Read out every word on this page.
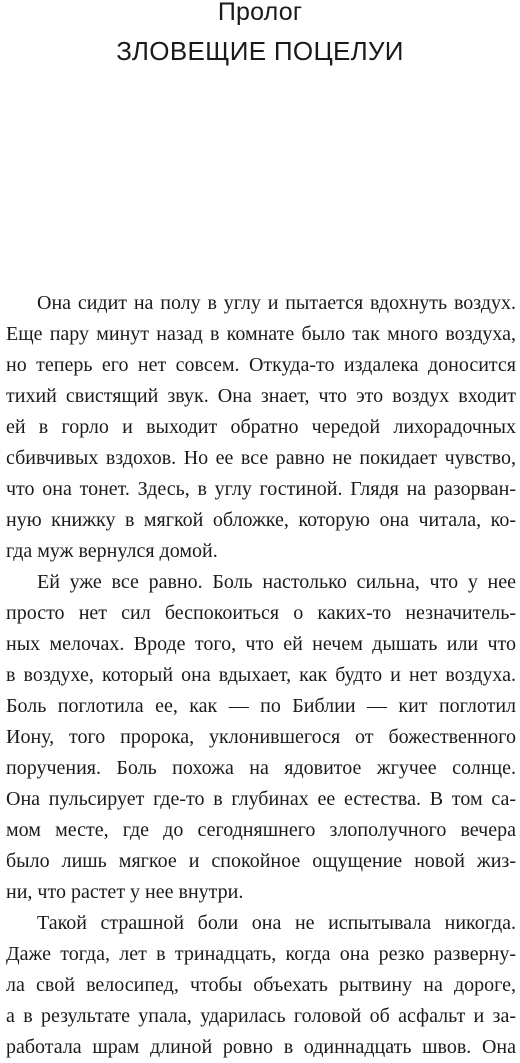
Пролог
ЗЛОВЕЩИЕ ПОЦЕЛУИ
Она сидит на полу в углу и пытается вдохнуть воздух.
Еще пару минут назад в комнате было так много воздуха,
но теперь его нет совсем. Откуда-то издалека доносится
тихий свистящий звук. Она знает, что это воздух входит
ей в горло и выходит обратно чередой лихорадочных
сбивчивых вздохов. Но ее все равно не покидает чувство,
что она тонет. Здесь, в углу гостиной. Глядя на разорван-
ную книжку в мягкой обложке, которую она читала, ко-
гда муж вернулся домой.
Ей уже все равно. Боль настолько сильна, что у нее
просто нет сил беспокоиться о каких-то незначитель-
ных мелочах. Вроде того, что ей нечем дышать или что
в воздухе, который она вдыхает, как будто и нет воздуха.
Боль поглотила ее, как — по Библии — кит поглотил
Иону, того пророка, уклонившегося от божественного
поручения. Боль похожа на ядовитое жгучее солнце.
Она пульсирует где-то в глубинах ее естества. В том са-
мом месте, где до сегодняшнего злополучного вечера
было лишь мягкое и спокойное ощущение новой жиз-
ни, что растет у нее внутри.
Такой страшной боли она не испытывала никогда.
Даже тогда, лет в тринадцать, когда она резко разверну-
ла свой велосипед, чтобы объехать рытвину на дороге,
а в результате упала, ударилась головой об асфальт и за-
работала шрам длиной ровно в одиннадцать швов. Она
